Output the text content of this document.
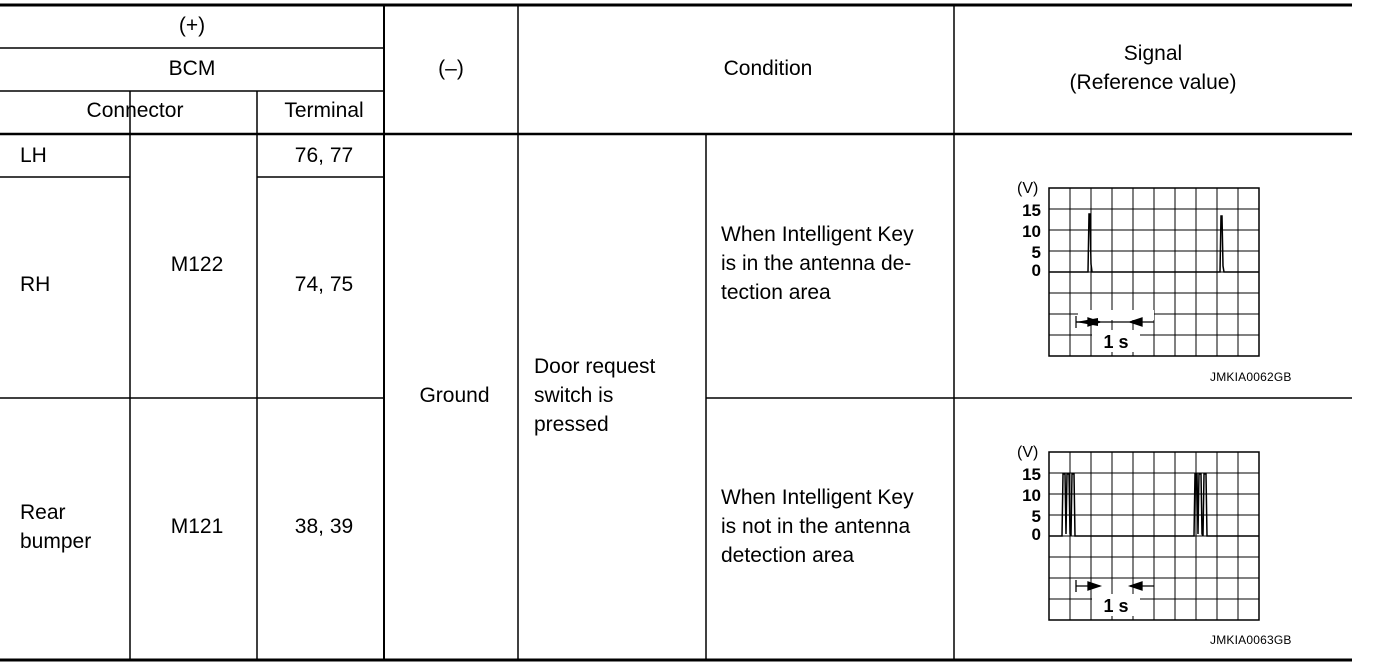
(+)
BCM
Connector	Terminal
(–)	Condition
Signal
(Reference value)
LH
RH
Rear
bumper
M122
M121
76, 77
74, 75
38, 39
Ground
Door request
switch is
pressed
When Intelligent Key
is in the antenna de-
tection area
When Intelligent Key
is not in the antenna
detection area
1 s
(V)
15
10
5
0
JMKIA0062GB
1 s
(V)
15
10
5
0
JMKIA0063GB
